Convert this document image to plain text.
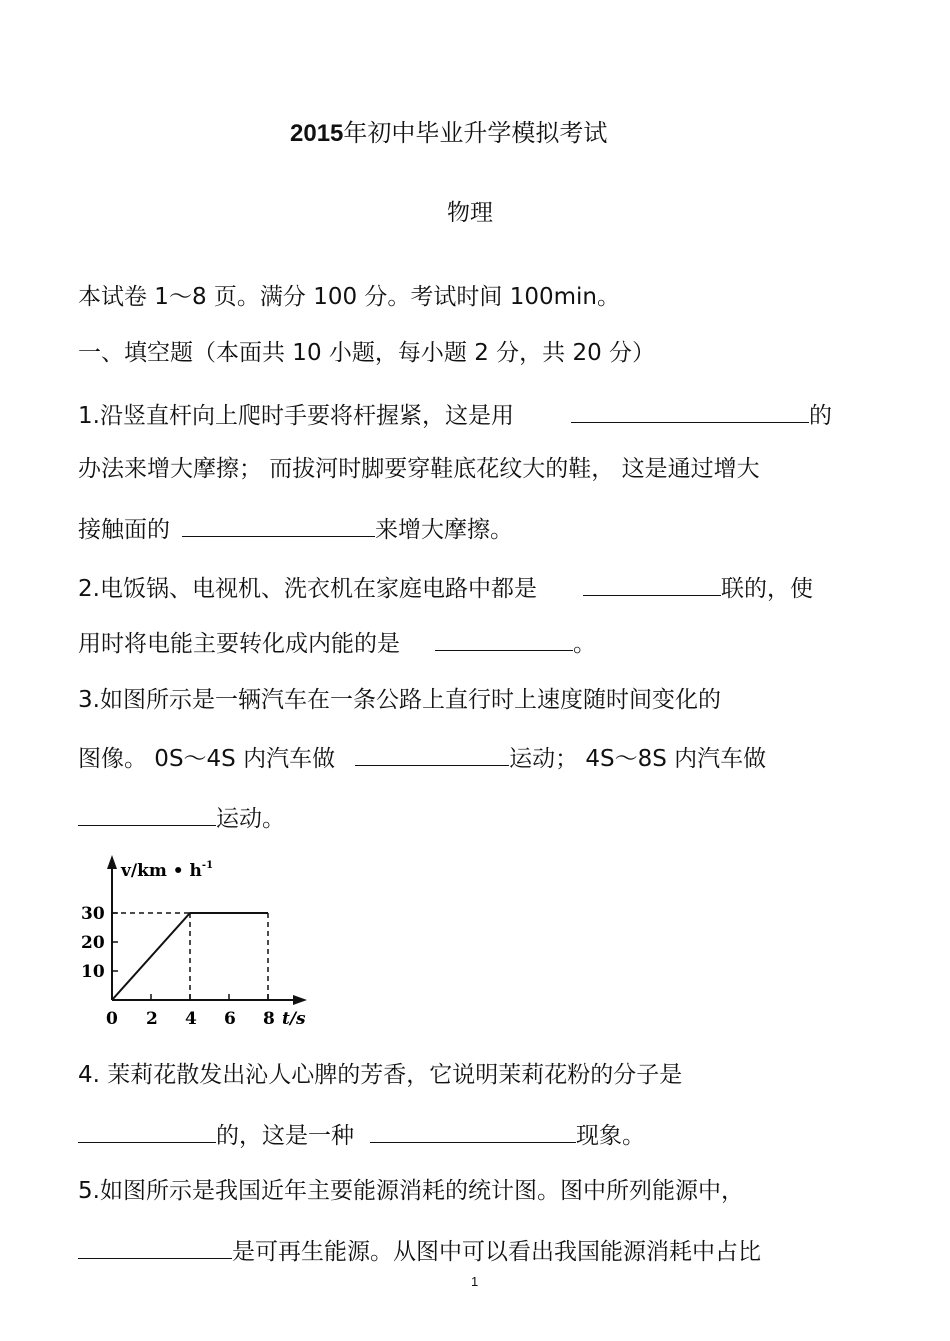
2015年初中毕业升学模拟考试
物理
本试卷 1～8 页。满分 100 分。考试时间 100min。
一、填空题（本面共 10 小题，每小题 2 分，共 20 分）
1.沿竖直杆向上爬时手要将杆握紧，这是用	的
办法来增大摩擦； 而拔河时脚要穿鞋底花纹大的鞋， 这是通过增大
接触面的	来增大摩擦。
2.电饭锅、电视机、洗衣机在家庭电路中都是	联的，使
用时将电能主要转化成内能的是	。
3.如图所示是一辆汽车在一条公路上直行时上速度随时间变化的
图像。 0S～4S 内汽车做	运动； 4S～8S 内汽车做
运动。
v/km • $h^{-1}$
30
20
10
0 2 4 6 8 t/s
4. 茉莉花散发出沁人心脾的芳香，它说明茉莉花粉的分子是
的，这是一种	现象。
5.如图所示是我国近年主要能源消耗的统计图。图中所列能源中，
是可再生能源。从图中可以看出我国能源消耗中占比
1
